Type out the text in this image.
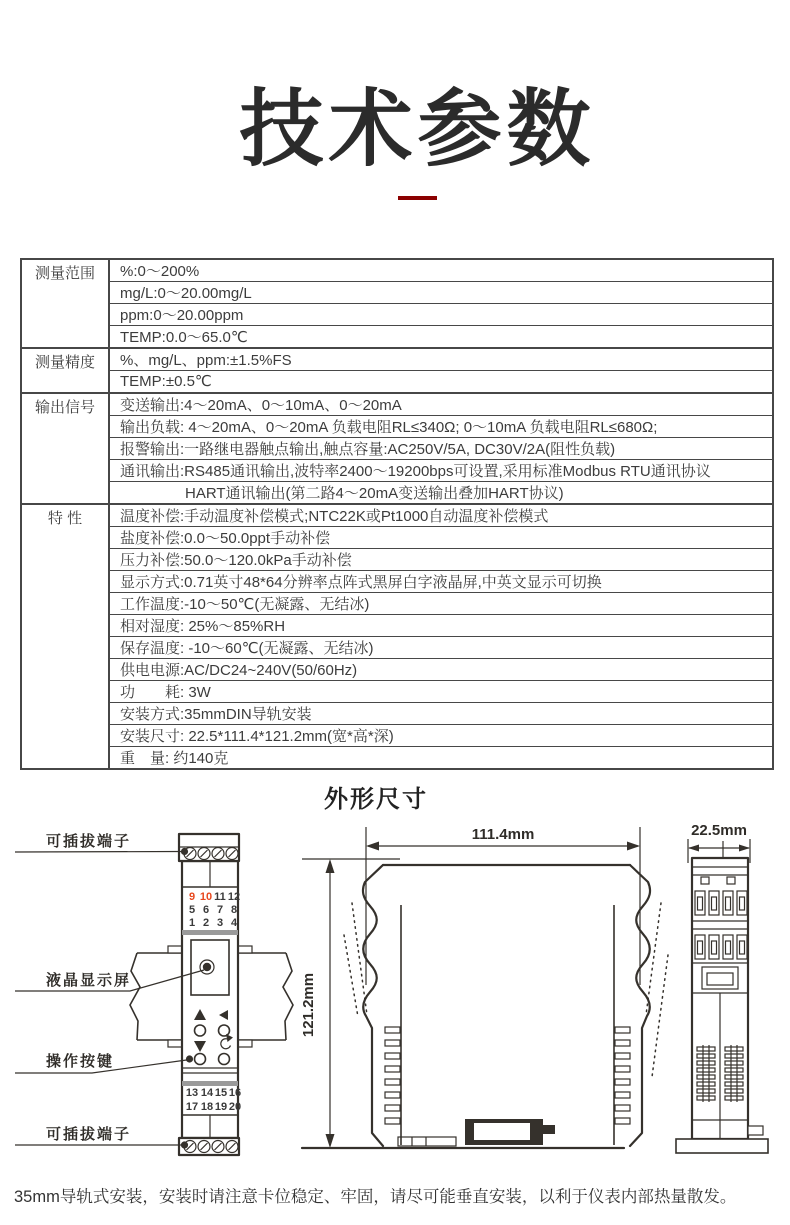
技术参数
测量范围	%:0～200%
	mg/L:0～20.00mg/L
	ppm:0～20.00ppm
	TEMP:0.0～65.0℃
测量精度	%、mg/L、ppm:±1.5%FS
	TEMP:±0.5℃
输出信号	变送输出:4～20mA、0～10mA、0～20mA
	输出负载: 4～20mA、0～20mA 负载电阻RL≤340Ω; 0～10mA 负载电阻RL≤680Ω;
	报警输出:一路继电器触点输出,触点容量:AC250V/5A, DC30V/2A(阻性负载)
	通讯输出:RS485通讯输出,波特率2400～19200bps可设置,采用标准Modbus RTU通讯协议
	HART通讯输出(第二路4～20mA变送输出叠加HART协议)
特 性	温度补偿:手动温度补偿模式;NTC22K或Pt1000自动温度补偿模式
	盐度补偿:0.0～50.0ppt手动补偿
	压力补偿:50.0～120.0kPa手动补偿
	显示方式:0.71英寸48*64分辨率点阵式黑屏白字液晶屏,中英文显示可切换
	工作温度:-10～50℃(无凝露、无结冰)
	相对湿度: 25%～85%RH
	保存温度: -10～60℃(无凝露、无结冰)
	供电电源:AC/DC24~240V(50/60Hz)
	功　　耗: 3W
	安装方式:35mmDIN导轨安装
	安装尺寸: 22.5*111.4*121.2mm(宽*高*深)
	重　量: 约140克
外形尺寸
9 10 11 12
5 6 7 8
1 2 3 4
13 14 15 16
17 18 19 20
可插拔端子
液晶显示屏
操作按键
可插拔端子
111.4mm
121.2mm
22.5mm
35mm导轨式安装，安装时请注意卡位稳定、牢固，请尽可能垂直安装，以利于仪表内部热量散发。
